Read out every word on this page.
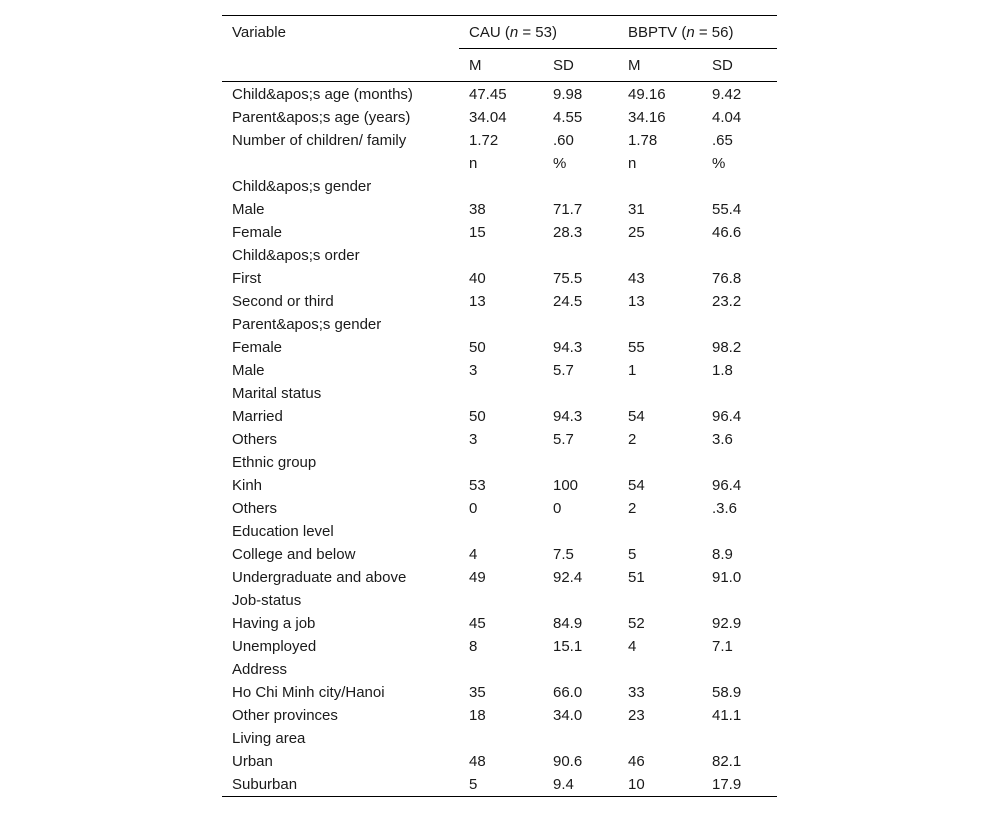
Variable	CAU (n = 53)		BBPTV (n = 56)	
	M	SD	M	SD
Child&apos;s age (months)	47.45	9.98	49.16	9.42
Parent&apos;s age (years)	34.04	4.55	34.16	4.04
Number of children/ family	1.72	.60	1.78	.65
	n	%	n	%
Child&apos;s gender				
Male	38	71.7	31	55.4
Female	15	28.3	25	46.6
Child&apos;s order				
First	40	75.5	43	76.8
Second or third	13	24.5	13	23.2
Parent&apos;s gender				
Female	50	94.3	55	98.2
Male	3	5.7	1	1.8
Marital status				
Married	50	94.3	54	96.4
Others	3	5.7	2	3.6
Ethnic group				
Kinh	53	100	54	96.4
Others	0	0	2	.3.6
Education level				
College and below	4	7.5	5	8.9
Undergraduate and above	49	92.4	51	91.0
Job-status				
Having a job	45	84.9	52	92.9
Unemployed	8	15.1	4	7.1
Address				
Ho Chi Minh city/Hanoi	35	66.0	33	58.9
Other provinces	18	34.0	23	41.1
Living area				
Urban	48	90.6	46	82.1
Suburban	5	9.4	10	17.9
